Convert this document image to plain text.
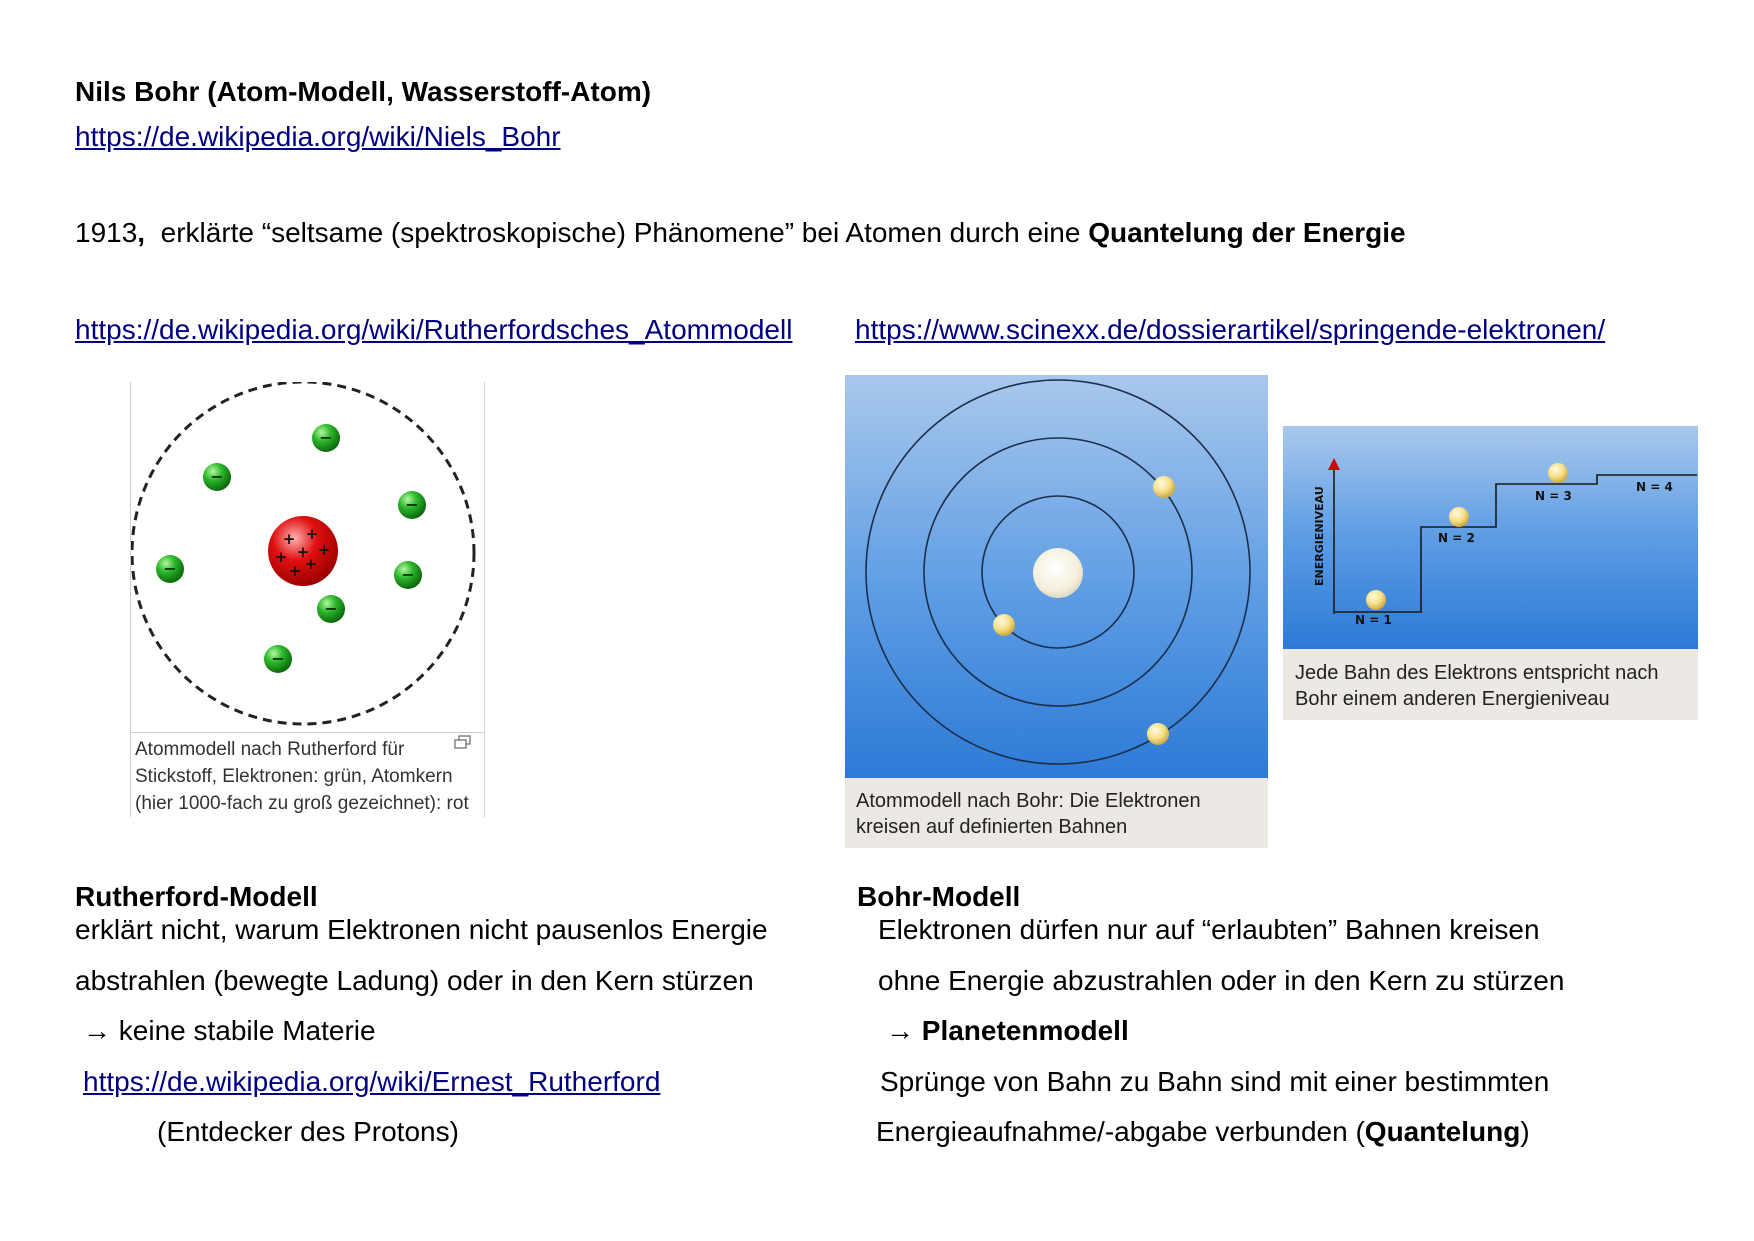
Nils Bohr (Atom-Modell, Wasserstoff-Atom)
https://de.wikipedia.org/wiki/Niels_Bohr
1913, erklärte “seltsame (spektroskopische) Phänomene” bei Atomen durch eine Quantelung der Energie
https://de.wikipedia.org/wiki/Rutherfordsches_Atommodell https://www.scinexx.de/dossierartikel/springende-elektronen/
+ +
+ +
+ +
+
−
−
−
−	−
−
−
Atommodell nach Rutherford für
Stickstoff, Elektronen: grün, Atomkern
(hier 1000-fach zu groß gezeichnet): rot	Atommodell nach Bohr: Die Elektronen
kreisen auf definierten Bahnen
ENERGIENIVEAU
N = 1
N = 2
N = 3
N = 4
Jede Bahn des Elektrons entspricht nach
Bohr einem anderen Energieniveau
Rutherford-Modell
erklärt nicht, warum Elektronen nicht pausenlos Energie
abstrahlen (bewegte Ladung) oder in den Kern stürzen
→ keine stabile Materie
https://de.wikipedia.org/wiki/Ernest_Rutherford
(Entdecker des Protons)
Bohr-Modell
Elektronen dürfen nur auf “erlaubten” Bahnen kreisen
ohne Energie abzustrahlen oder in den Kern zu stürzen
→ Planetenmodell
Sprünge von Bahn zu Bahn sind mit einer bestimmten
Energieaufnahme/-abgabe verbunden (Quantelung)
